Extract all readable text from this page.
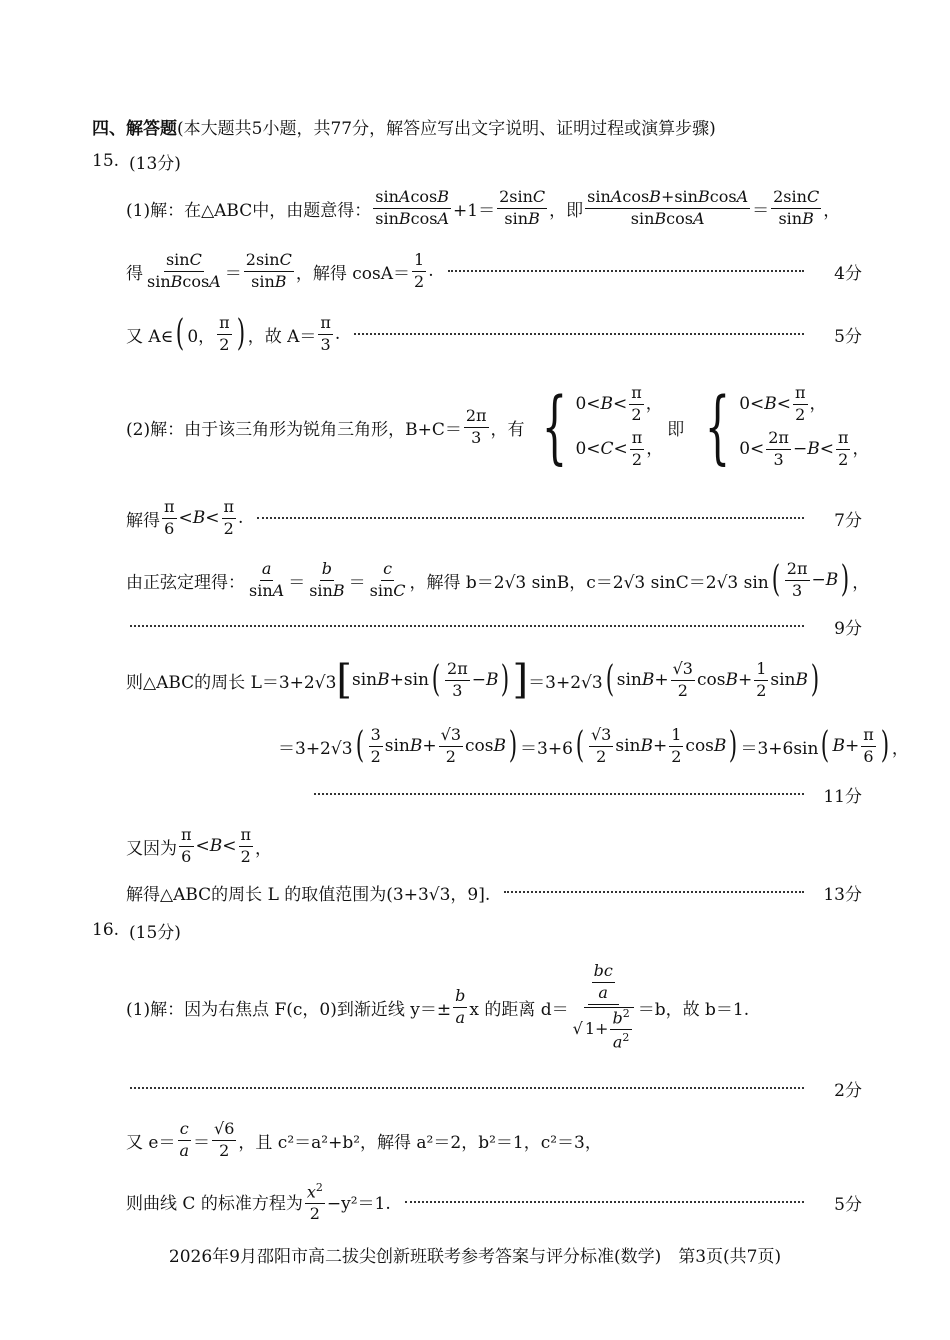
四、解答题 (本大题共5小题，共77分，解答应写出文字说明、证明过程或演算步骤)
15. (13分)
(1)解：在△ABC中，由题意得：
sinAcosB
sinBcosA +1＝
2sinC
sinB ，即
sinAcosB+sinBcosA
sinBcosA	＝
2sinC
sinB ，
得
sinC
sinBcosA ＝
2sinC
sinB ，解得 cosA＝
1
2 .	4分
又 A∈ ( 0，
π
2 ) ，故 A＝
π
3 .	5分
(2)解：由于该三角形为锐角三角形，B+C＝
2π
3 ，有 { $0<B< \frac{\pi}{2}$ ，
$0<C< \frac{\pi}{2}$ ，
即 { $0<B< \frac{\pi}{2}$ ，
$0< \frac{2\pi}{3} -B< \frac{\pi}{2}$ ，
解得
π
6 <B<
π
2 .	7分
由正弦定理得：
a
sinA ＝
b
sinB ＝
c
sinC ，解得 b＝2√3 sinB，c＝2√3 sinC＝2√3 sin ( 2π
3 −B ) ，
9分
则△ABC的周长 L＝3+2√3 [ sinB+sin ( 2π
3 −B ) ] ＝3+2√3 ( $\sin B+ \frac{√3}{2} \cos B+ \frac{1}{2}$ sinB )
＝3+2√3 ( 3
2 $\sin B+ \frac{√3}{2}$ cosB ) ＝3+6 ( √3
2 $\sin B+ \frac{1}{2}$ cosB ) ＝3+6sin ( $B+ \frac{\pi}{6}$ ) ，
11分
又因为
π
6 <B<
π
2 ，
解得△ABC的周长 L 的取值范围为(3+3√3，9].	13分
16. (15分)
(1)解：因为右焦点 F(c，0)到渐近线 $y=\pm \frac{b}{a}$ x 的距离 d＝
$\frac{bc}{a}$
√ $1+ \frac{b^2}{a^2} =b$，故 b＝1.
2分
又 e＝
c
a ＝
√6
2 ，且 c²＝a²+b²，解得 a²＝2，b²＝1，c²＝3，
则曲线 C 的标准方程为
$x^2$
2 −y²＝1.	5分
2026年9月邵阳市高二拔尖创新班联考参考答案与评分标准(数学)　第3页(共7页)
